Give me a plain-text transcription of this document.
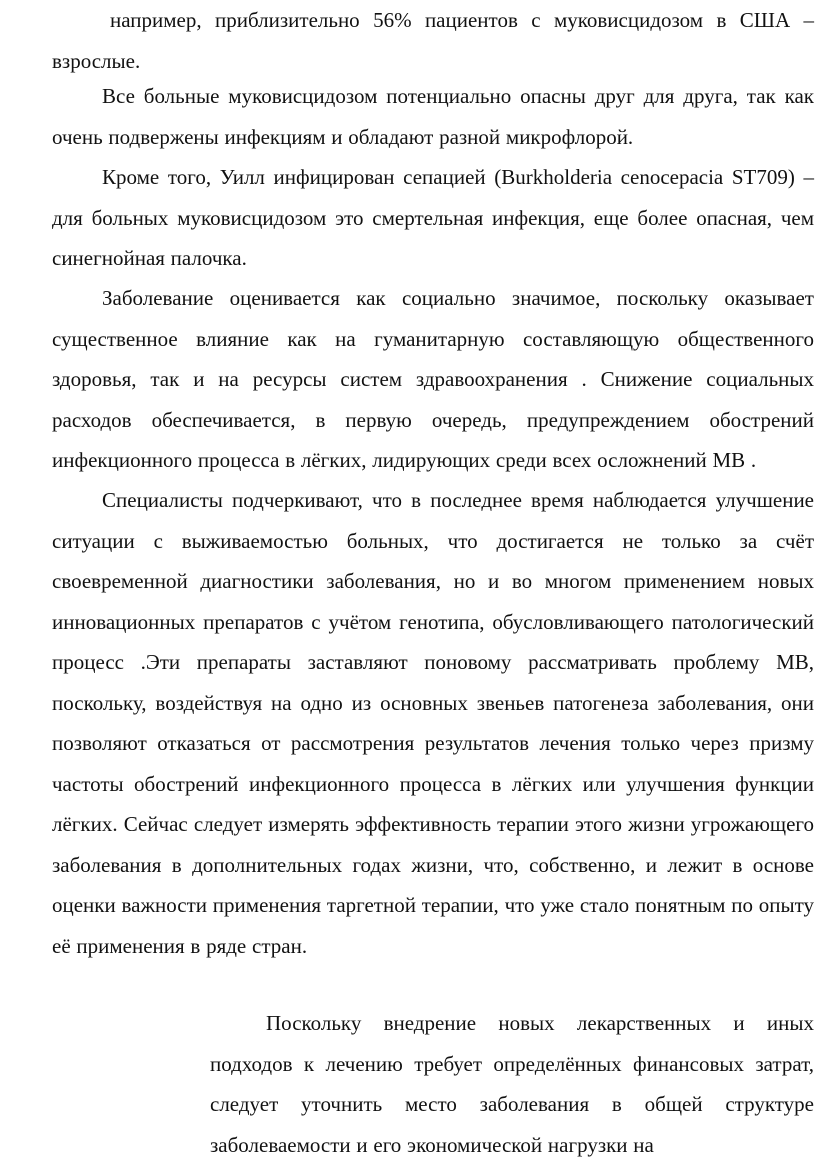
например, приблизительно 56% пациентов с муковисцидозом в США – взрослые.

Все больные муковисцидозом потенциально опасны друг для друга, так как очень подвержены инфекциям и обладают разной микрофлорой.

Кроме того, Уилл инфицирован сепацией (Burkholderia cenocepacia ST709) – для больных муковисцидозом это смертельная инфекция, еще более опасная, чем синегнойная палочка.

Заболевание оценивается как социально значимое, поскольку оказывает существенное влияние как на гуманитарную составляющую общественного здоровья, так и на ресурсы систем здравоохранения . Снижение социальных расходов обеспечивается, в первую очередь, предупреждением обострений инфекционного процесса в лёгких, лидирующих среди всех осложнений МВ .

Специалисты подчеркивают, что в последнее время наблюдается улучшение ситуации с выживаемостью больных, что достигается не только за счёт своевременной диагностики заболевания, но и во многом применением новых инновационных препаратов с учётом генотипа, обусловливающего патологический процесс .Эти препараты заставляют поновому рассматривать проблему МВ, поскольку, воздействуя на одно из основных звеньев патогенеза заболевания, они позволяют отказаться от рассмотрения результатов лечения только через призму частоты обострений инфекционного процесса в лёгких или улучшения функции лёгких. Сейчас следует измерять эффективность терапии этого жизни угрожающего заболевания в дополнительных годах жизни, что, собственно, и лежит в основе оценки важности применения таргетной терапии, что уже стало понятным по опыту её применения в ряде стран.

Поскольку внедрение новых лекарственных и иных подходов к лечению требует определённых финансовых затрат, следует уточнить место заболевания в общей структуре заболеваемости и его экономической нагрузки на
